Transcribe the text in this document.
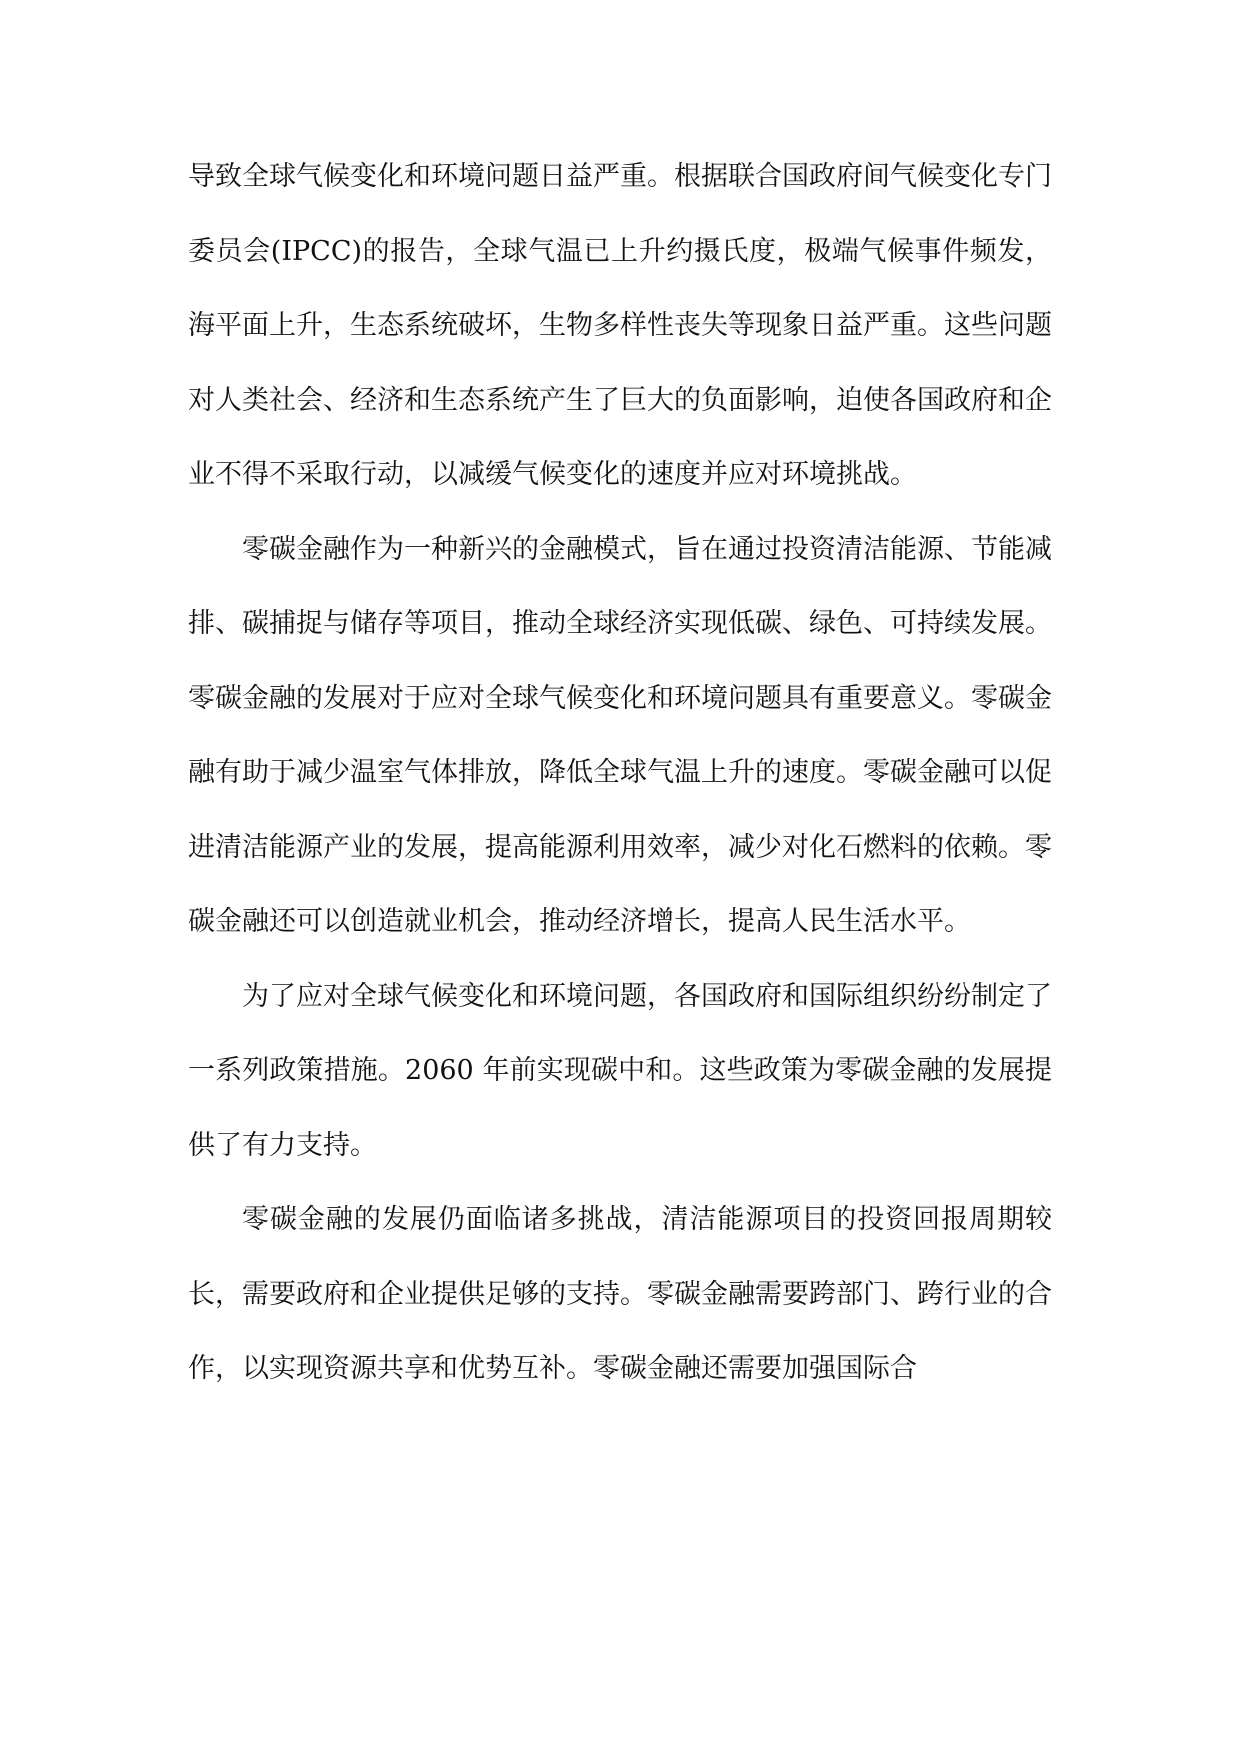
导致全球气候变化和环境问题日益严重。根据联合国政府间气候变化专门委员会(IPCC)的报告，全球气温已上升约摄氏度，极端气候事件频发，海平面上升，生态系统破坏，生物多样性丧失等现象日益严重。这些问题对人类社会、经济和生态系统产生了巨大的负面影响，迫使各国政府和企业不得不采取行动，以减缓气候变化的速度并应对环境挑战。

零碳金融作为一种新兴的金融模式，旨在通过投资清洁能源、节能减排、碳捕捉与储存等项目，推动全球经济实现低碳、绿色、可持续发展。零碳金融的发展对于应对全球气候变化和环境问题具有重要意义。零碳金融有助于减少温室气体排放，降低全球气温上升的速度。零碳金融可以促进清洁能源产业的发展，提高能源利用效率，减少对化石燃料的依赖。零碳金融还可以创造就业机会，推动经济增长，提高人民生活水平。

为了应对全球气候变化和环境问题，各国政府和国际组织纷纷制定了一系列政策措施。2060 年前实现碳中和。这些政策为零碳金融的发展提供了有力支持。

零碳金融的发展仍面临诸多挑战，清洁能源项目的投资回报周期较长，需要政府和企业提供足够的支持。零碳金融需要跨部门、跨行业的合作，以实现资源共享和优势互补。零碳金融还需要加强国际合
